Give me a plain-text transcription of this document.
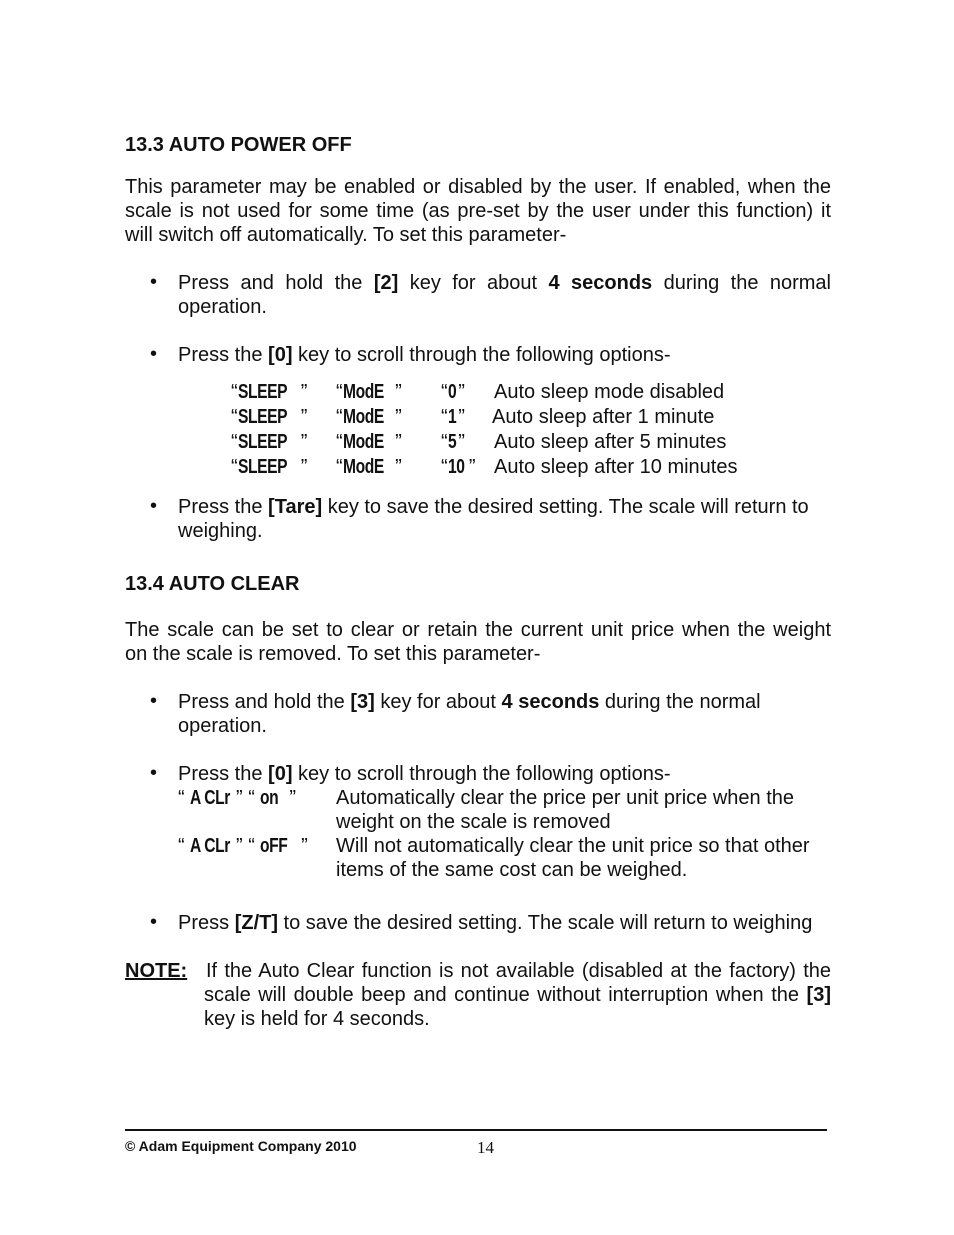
13.3 AUTO POWER OFF
This parameter may be enabled or disabled by the user. If enabled, when the
scale is not used for some time (as pre-set by the user under this function) it
will switch off automatically. To set this parameter-
• Press and hold the [2] key for about 4 seconds during the normal
operation.
• Press the [0] key to scroll through the following options-
“SLEEP ” “ModE ” “0 ” Auto sleep mode disabled
“SLEEP ” “ModE ” “1 ” Auto sleep after 1 minute
“SLEEP ” “ModE ” “5 ” Auto sleep after 5 minutes
“SLEEP ” “ModE ” “10 ” Auto sleep after 10 minutes
• Press the [Tare] key to save the desired setting. The scale will return to
weighing.
13.4 AUTO CLEAR
The scale can be set to clear or retain the current unit price when the weight
on the scale is removed. To set this parameter-
• Press and hold the [3] key for about 4 seconds during the normal
operation.
• Press the [0] key to scroll through the following options-
“ A CLr ” “ on ” Automatically clear the price per unit price when the
weight on the scale is removed
“ A CLr ” “ oFF ” Will not automatically clear the unit price so that other
items of the same cost can be weighed.
• Press [Z/T] to save the desired setting. The scale will return to weighing
NOTE: If the Auto Clear function is not available (disabled at the factory) the
scale will double beep and continue without interruption when the [3]
key is held for 4 seconds.
© Adam Equipment Company 2010	14
